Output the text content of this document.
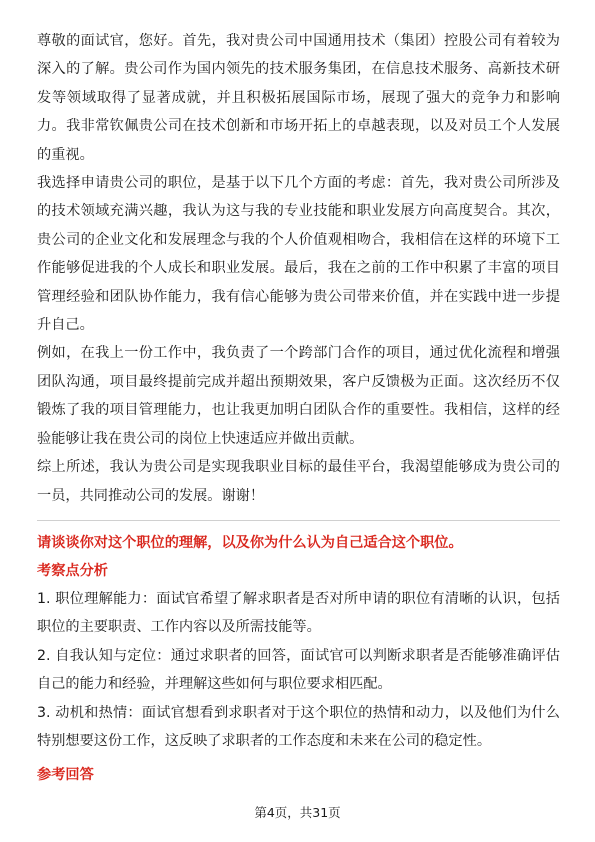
尊敬的面试官，您好。首先，我对贵公司中国通用技术（集团）控股公司有着较为深入的了解。贵公司作为国内领先的技术服务集团，在信息技术服务、高新技术研发等领域取得了显著成就，并且积极拓展国际市场，展现了强大的竞争力和影响力。我非常钦佩贵公司在技术创新和市场开拓上的卓越表现，以及对员工个人发展的重视。

我选择申请贵公司的职位，是基于以下几个方面的考虑：首先，我对贵公司所涉及的技术领域充满兴趣，我认为这与我的专业技能和职业发展方向高度契合。其次，贵公司的企业文化和发展理念与我的个人价值观相吻合，我相信在这样的环境下工作能够促进我的个人成长和职业发展。最后，我在之前的工作中积累了丰富的项目管理经验和团队协作能力，我有信心能够为贵公司带来价值，并在实践中进一步提升自己。

例如，在我上一份工作中，我负责了一个跨部门合作的项目，通过优化流程和增强团队沟通，项目最终提前完成并超出预期效果，客户反馈极为正面。这次经历不仅锻炼了我的项目管理能力，也让我更加明白团队合作的重要性。我相信，这样的经验能够让我在贵公司的岗位上快速适应并做出贡献。

综上所述，我认为贵公司是实现我职业目标的最佳平台，我渴望能够成为贵公司的一员，共同推动公司的发展。谢谢！

请谈谈你对这个职位的理解，以及你为什么认为自己适合这个职位。

考察点分析

1. 职位理解能力：面试官希望了解求职者是否对所申请的职位有清晰的认识，包括职位的主要职责、工作内容以及所需技能等。

2. 自我认知与定位：通过求职者的回答，面试官可以判断求职者是否能够准确评估自己的能力和经验，并理解这些如何与职位要求相匹配。

3. 动机和热情：面试官想看到求职者对于这个职位的热情和动力，以及他们为什么特别想要这份工作，这反映了求职者的工作态度和未来在公司的稳定性。

参考回答

第4页，共31页
